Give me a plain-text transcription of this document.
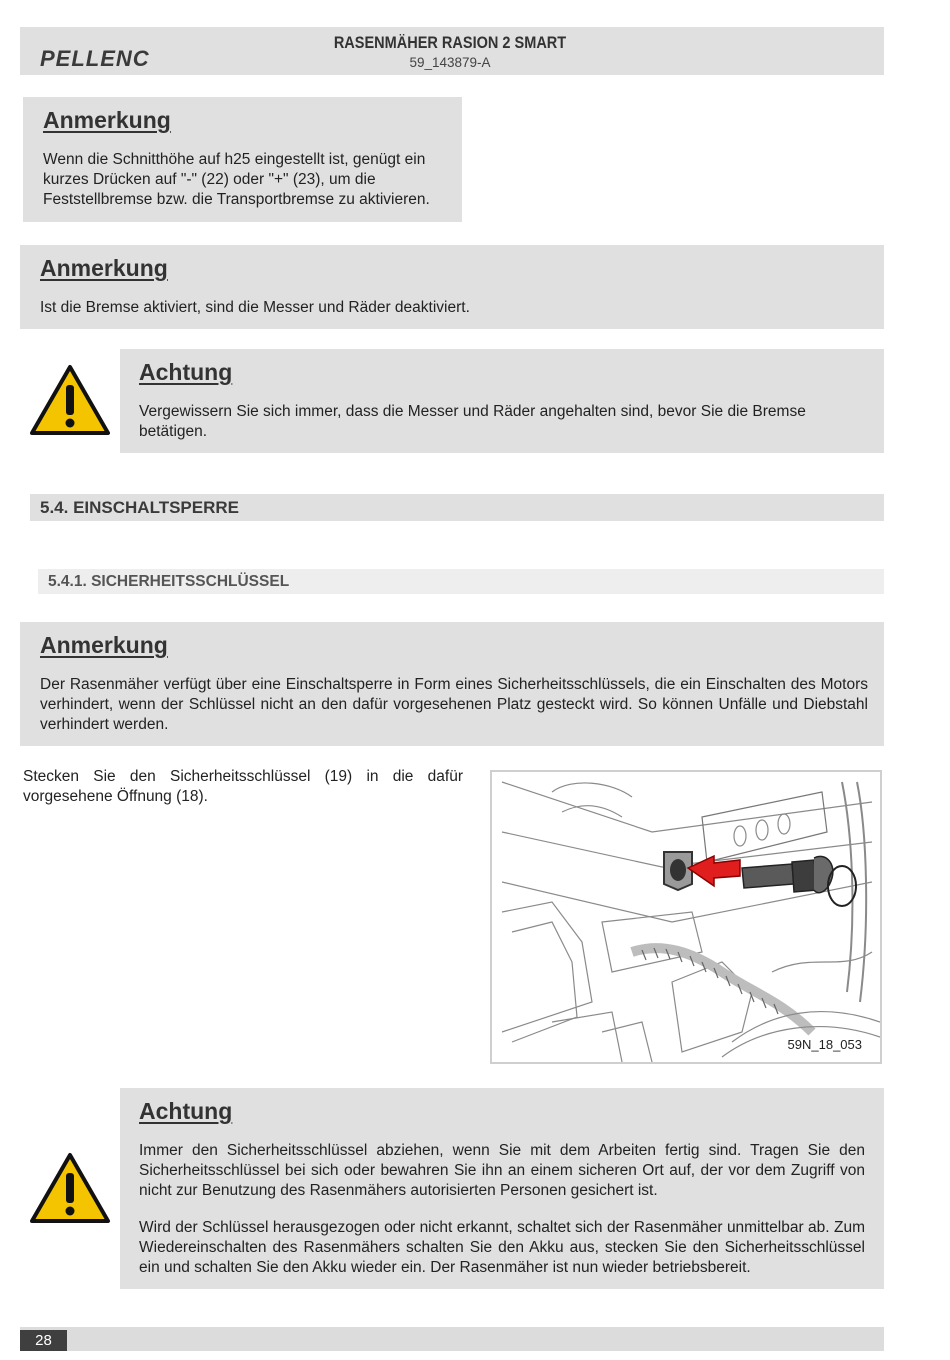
PELLENC
RASENMÄHER RASION 2 SMART
59_143879-A
Anmerkung

Wenn die Schnitthöhe auf h25 eingestellt ist, genügt ein kurzes Drücken auf "-" (22) oder "+" (23), um die Feststellbremse bzw. die Transportbremse zu aktivieren.

Anmerkung

Ist die Bremse aktiviert, sind die Messer und Räder deaktiviert.

Achtung

Vergewissern Sie sich immer, dass die Messer und Räder angehalten sind, bevor Sie die Bremse betätigen.

5.4. EINSCHALTSPERRE
5.4.1. SICHERHEITSSCHLÜSSEL
Anmerkung

Der Rasenmäher verfügt über eine Einschaltsperre in Form eines Sicherheitsschlüssels, die ein Einschalten des Motors verhindert, wenn der Schlüssel nicht an den dafür vorgesehenen Platz gesteckt wird. So können Unfälle und Diebstahl verhindert werden.

Stecken Sie den Sicherheitsschlüssel (19) in die dafür vorgesehene Öffnung (18).
59N_18_053
Achtung

Immer den Sicherheitsschlüssel abziehen, wenn Sie mit dem Arbeiten fertig sind. Tragen Sie den Sicherheitsschlüssel bei sich oder bewahren Sie ihn an einem sicheren Ort auf, der vor dem Zugriff von nicht zur Benutzung des Rasenmähers autorisierten Personen gesichert ist.

Wird der Schlüssel herausgezogen oder nicht erkannt, schaltet sich der Rasenmäher unmittelbar ab. Zum Wiedereinschalten des Rasenmähers schalten Sie den Akku aus, stecken Sie den Sicherheitsschlüssel ein und schalten Sie den Akku wieder ein. Der Rasenmäher ist nun wieder betriebsbereit.

28
